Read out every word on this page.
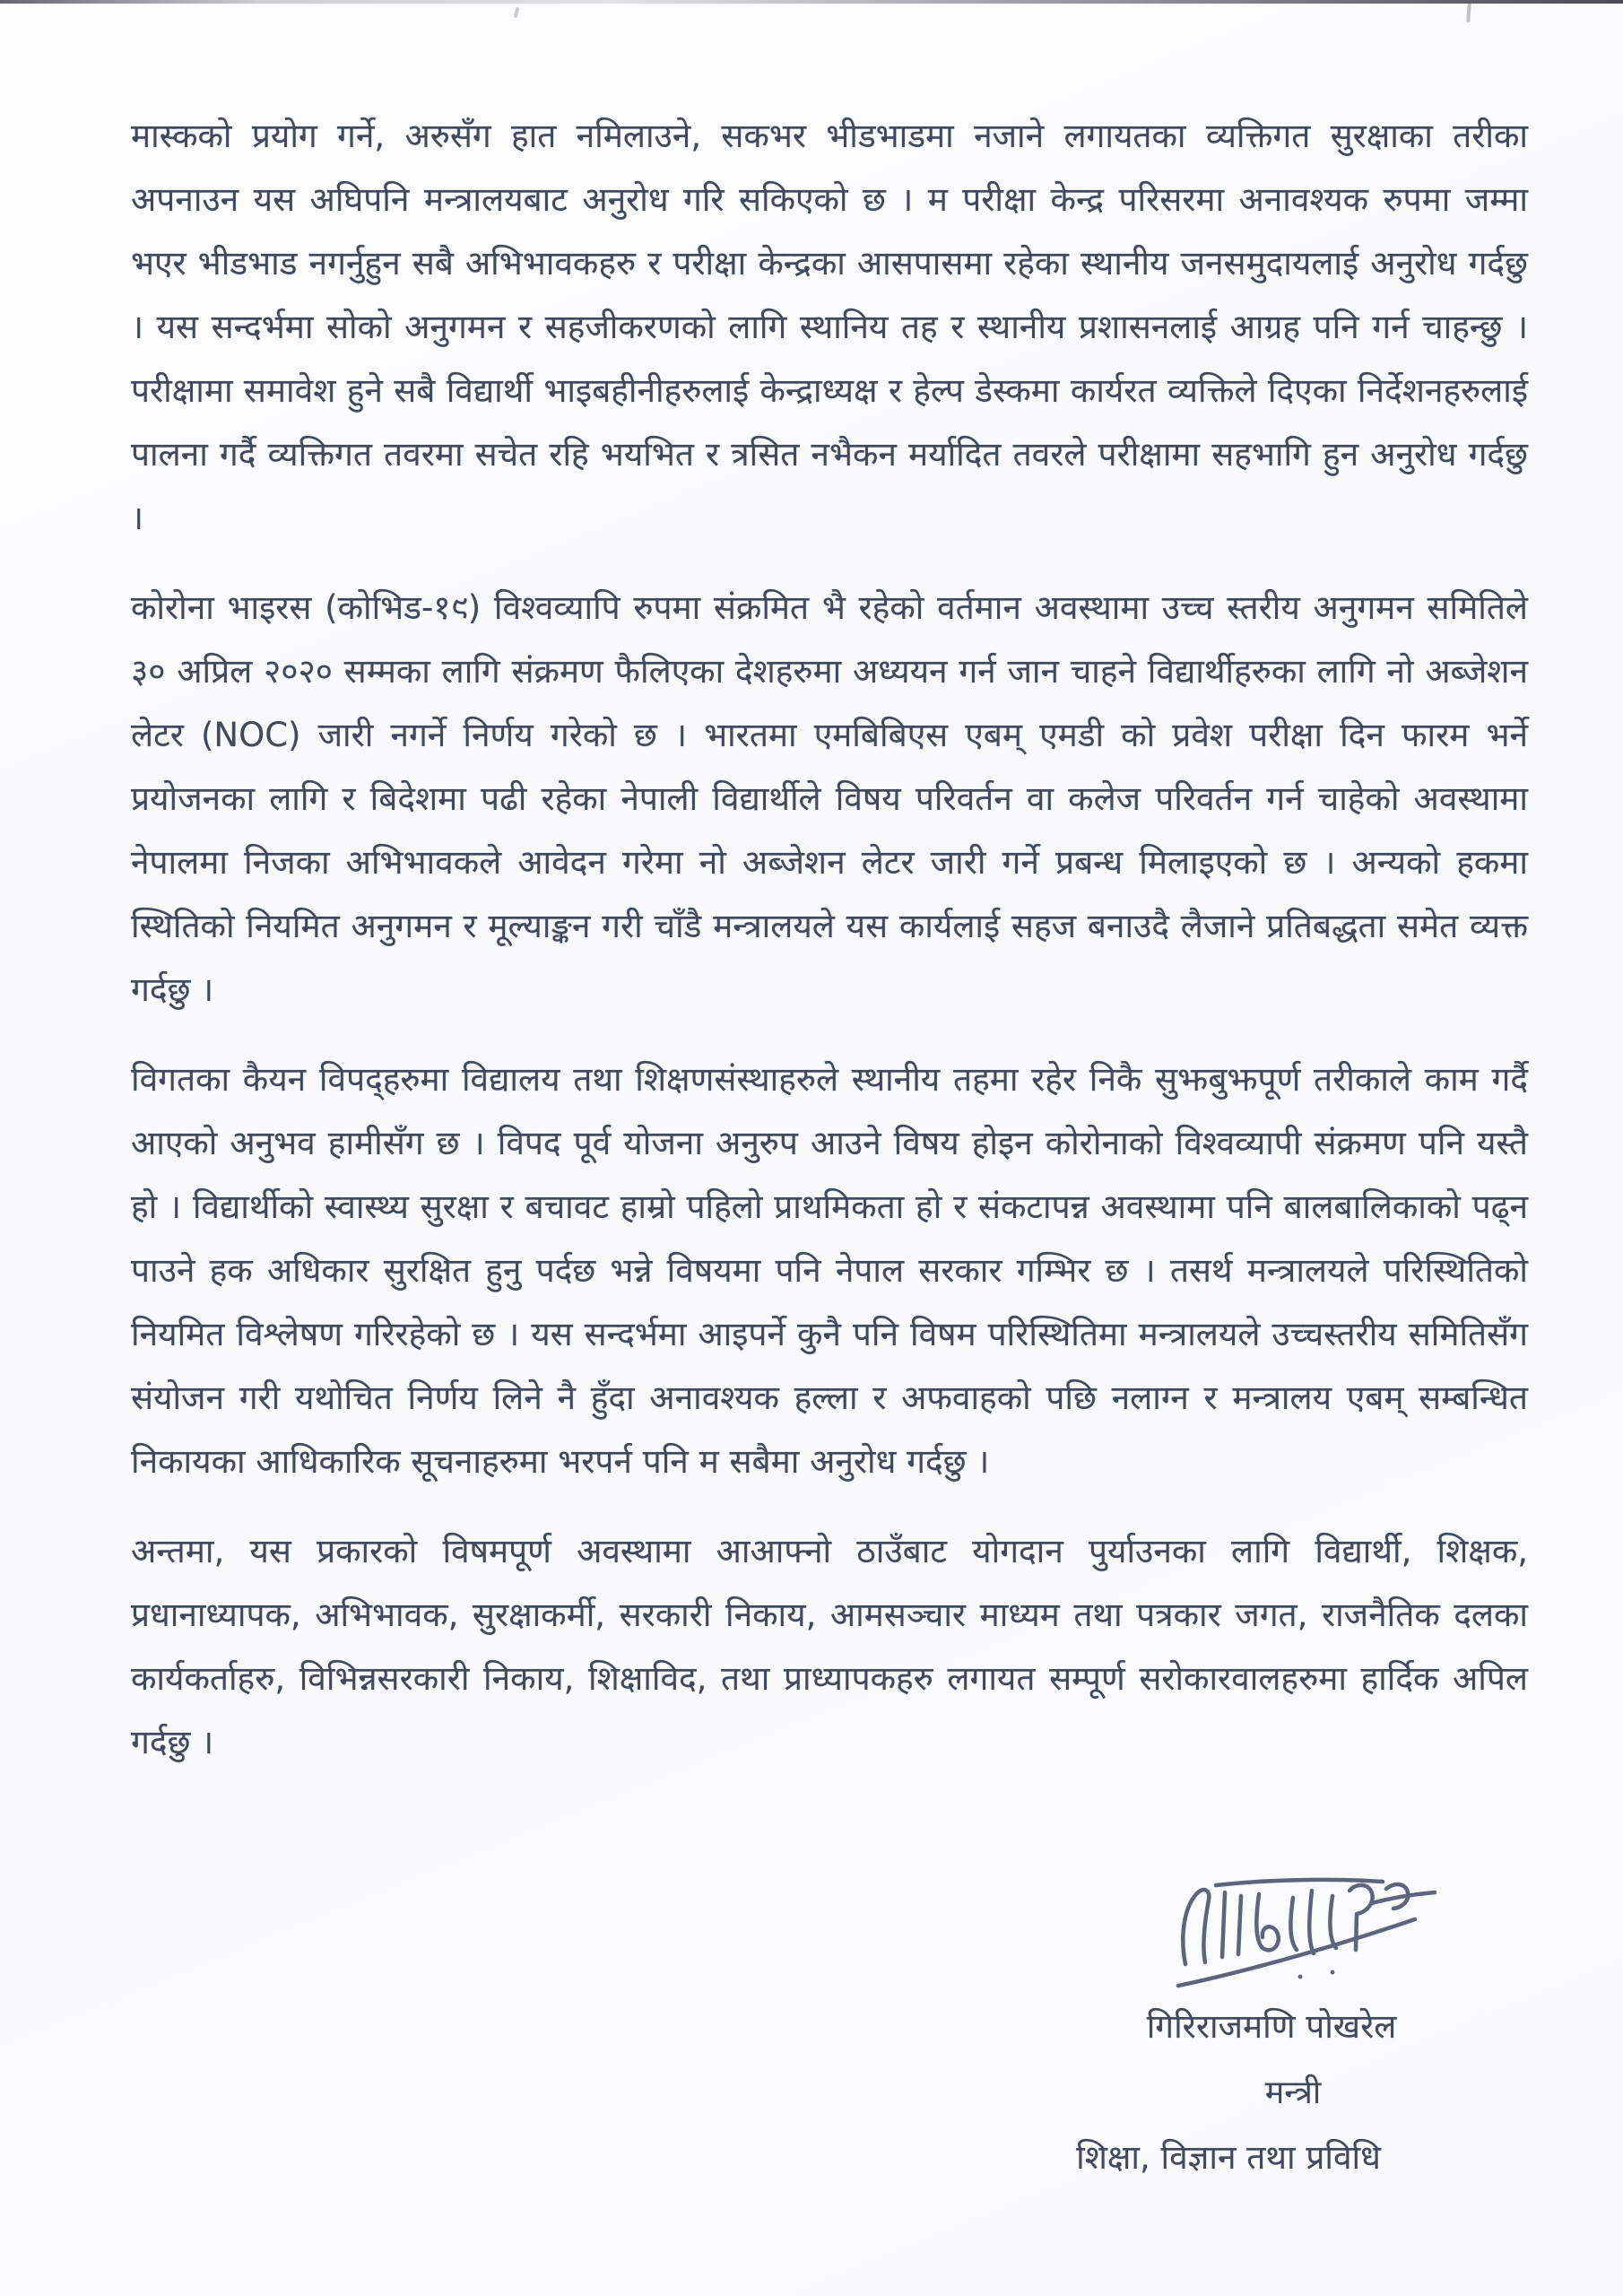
मास्कको प्रयोग गर्ने, अरुसँग हात नमिलाउने, सकभर भीडभाडमा नजाने लगायतका व्यक्तिगत सुरक्षाका तरीका अपनाउन यस अघिपनि मन्त्रालयबाट अनुरोध गरि सकिएको छ । म परीक्षा केन्द्र परिसरमा अनावश्यक रुपमा जम्मा भएर भीडभाड नगर्नुहुन सबै अभिभावकहरु र परीक्षा केन्द्रका आसपासमा रहेका स्थानीय जनसमुदायलाई अनुरोध गर्दछु । यस सन्दर्भमा सोको अनुगमन र सहजीकरणको लागि स्थानिय तह र स्थानीय प्रशासनलाई आग्रह पनि गर्न चाहन्छु । परीक्षामा समावेश हुने सबै विद्यार्थी भाइबहीनीहरुलाई केन्द्राध्यक्ष र हेल्प डेस्कमा कार्यरत व्यक्तिले दिएका निर्देशनहरुलाई पालना गर्दै व्यक्तिगत तवरमा सचेत रहि भयभित र त्रसित नभैकन मर्यादित तवरले परीक्षामा सहभागि हुन अनुरोध गर्दछु ।

कोरोना भाइरस (कोभिड-१९) विश्वव्यापि रुपमा संक्रमित भै रहेको वर्तमान अवस्थामा उच्च स्तरीय अनुगमन समितिले ३० अप्रिल २०२० सम्मका लागि संक्रमण फैलिएका देशहरुमा अध्ययन गर्न जान चाहने विद्यार्थीहरुका लागि नो अब्जेशन लेटर (NOC) जारी नगर्ने निर्णय गरेको छ । भारतमा एमबिबिएस एबम् एमडी को प्रवेश परीक्षा दिन फारम भर्ने प्रयोजनका लागि र बिदेशमा पढी रहेका नेपाली विद्यार्थीले विषय परिवर्तन वा कलेज परिवर्तन गर्न चाहेको अवस्थामा नेपालमा निजका अभिभावकले आवेदन गरेमा नो अब्जेशन लेटर जारी गर्ने प्रबन्ध मिलाइएको छ । अन्यको हकमा स्थितिको नियमित अनुगमन र मूल्याङ्कन गरी चाँडै मन्त्रालयले यस कार्यलाई सहज बनाउदै लैजाने प्रतिबद्धता समेत व्यक्त गर्दछु ।

विगतका कैयन विपद्हरुमा विद्यालय तथा शिक्षणसंस्थाहरुले स्थानीय तहमा रहेर निकै सुझबुझपूर्ण तरीकाले काम गर्दै आएको अनुभव हामीसँग छ । विपद पूर्व योजना अनुरुप आउने विषय होइन कोरोनाको विश्वव्यापी संक्रमण पनि यस्तै हो । विद्यार्थीको स्वास्थ्य सुरक्षा र बचावट हाम्रो पहिलो प्राथमिकता हो र संकटापन्न अवस्थामा पनि बालबालिकाको पढ्न पाउने हक अधिकार सुरक्षित हुनु पर्दछ भन्ने विषयमा पनि नेपाल सरकार गम्भिर छ । तसर्थ मन्त्रालयले परिस्थितिको नियमित विश्लेषण गरिरहेको छ । यस सन्दर्भमा आइपर्ने कुनै पनि विषम परिस्थितिमा मन्त्रालयले उच्चस्तरीय समितिसँग संयोजन गरी यथोचित निर्णय लिने नै हुँदा अनावश्यक हल्ला र अफवाहको पछि नलाग्न र मन्त्रालय एबम् सम्बन्धित निकायका आधिकारिक सूचनाहरुमा भरपर्न पनि म सबैमा अनुरोध गर्दछु ।

अन्तमा, यस प्रकारको विषमपूर्ण अवस्थामा आआफ्नो ठाउँबाट योगदान पुर्याउनका लागि विद्यार्थी, शिक्षक, प्रधानाध्यापक, अभिभावक, सुरक्षाकर्मी, सरकारी निकाय, आमसञ्चार माध्यम तथा पत्रकार जगत, राजनैतिक दलका कार्यकर्ताहरु, विभिन्नसरकारी निकाय, शिक्षाविद, तथा प्राध्यापकहरु लगायत सम्पूर्ण सरोकारवालहरुमा हार्दिक अपिल गर्दछु ।

गिरिराजमणि पोखरेल
मन्त्री
शिक्षा, विज्ञान तथा प्रविधि
